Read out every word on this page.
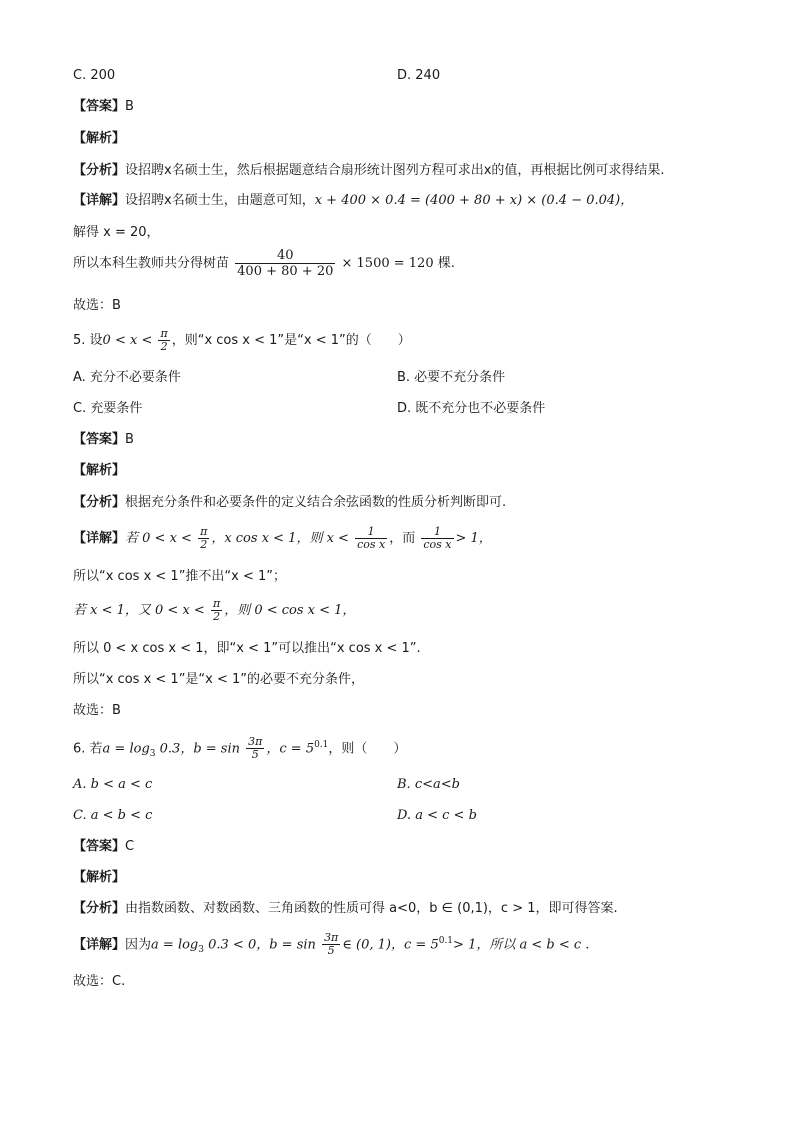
C. 200	D. 240
【答案】B
【解析】
【分析】设招聘x名硕士生，然后根据题意结合扇形统计图列方程可求出x的值，再根据比例可求得结果.
【详解】设招聘x名硕士生，由题意可知，x + 400 × 0.4 = (400 + 80 + x) × (0.4 − 0.04)，
解得 x = 20，
所以本科生教师共分得树苗 $\frac{40}{400 + 80 + 20} \times 1500 = 120$ 棵.
故选：B
5. 设$0 < x < \frac{\pi}{2}$ ，则“x cos x < 1”是“x < 1”的（　　）
A. 充分不必要条件	B. 必要不充分条件
C. 充要条件	D. 既不充分也不必要条件
【答案】B
【解析】
【分析】根据充分条件和必要条件的定义结合余弦函数的性质分析判断即可.
【详解】若 $0 < x < \frac{\pi}{2}$ ，x cos x < 1，则 $x < \frac{1}{\text{cos x}}$ ，而 $\frac{1}{\text{cos x}} > 1$，
所以“x cos x < 1”推不出“x < 1”；
若 x < 1，又 $0 < x < \frac{\pi}{2}$ ，则 0 < cos x < 1，
所以 0 < x cos x < 1，即“x < 1”可以推出“x cos x < 1”.
所以“x cos x < 1”是“x < 1”的必要不充分条件，
故选：B
6. 若$a = \log_3 0.3$，$b = \sin \frac{3\pi}{5}$ ，$c = 5^{0.1}$，则（　　）
A. b < a < c	B. c<a<b
C. a < b < c	D. a < c < b
【答案】C
【解析】
【分析】由指数函数、对数函数、三角函数的性质可得 a<0，b ∈ (0,1)，c > 1，即可得答案.
【详解】因为$a = \log_3 0.3 < 0$，$b = \sin \frac{3\pi}{5}$ ∈ (0, 1)，$c = 5^{0.1}> 1$，所以 a < b < c .
故选：C.
